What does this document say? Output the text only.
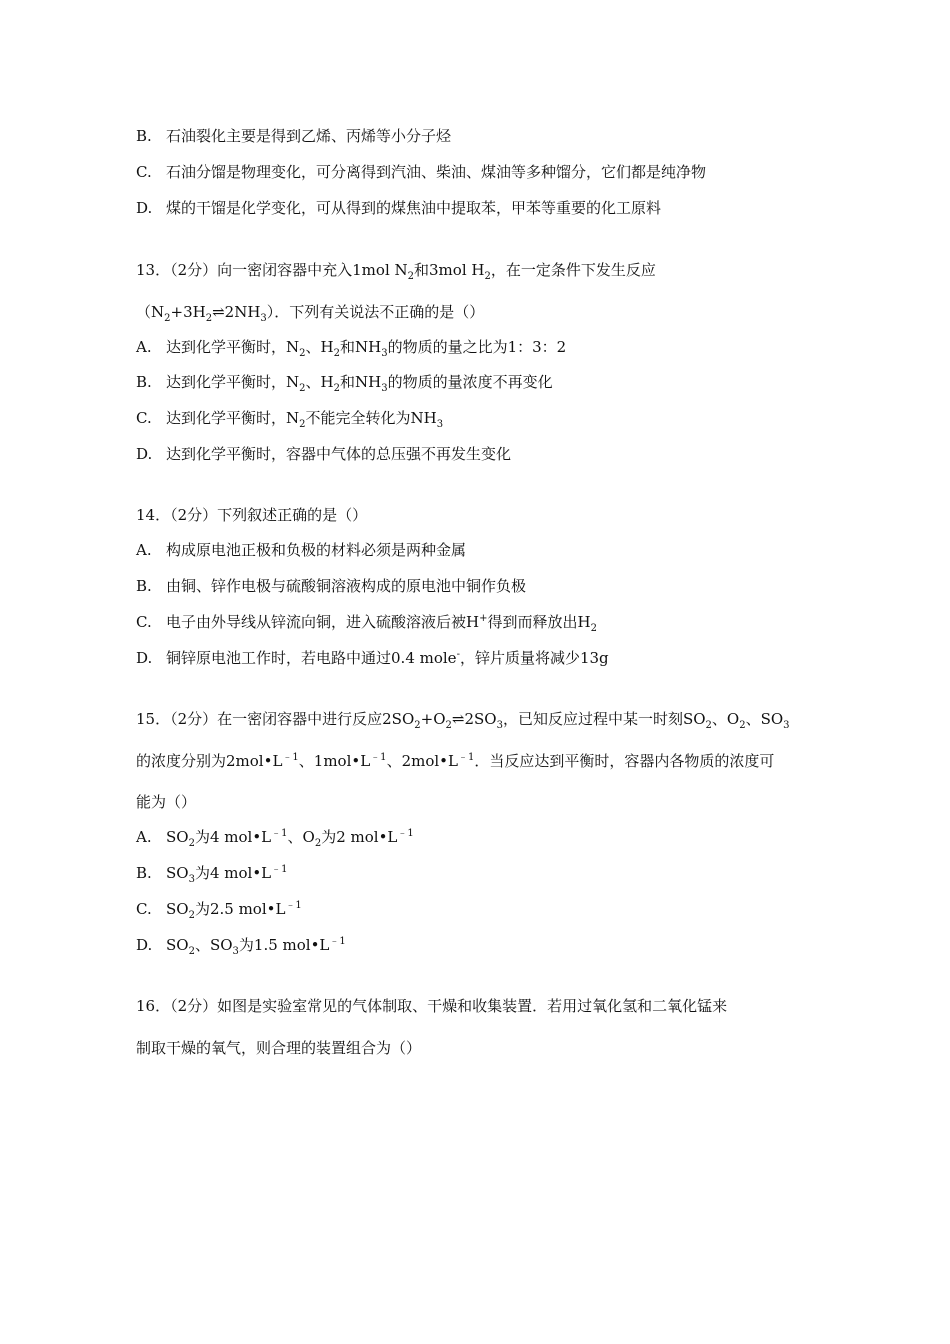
B. 石油裂化主要是得到乙烯、丙烯等小分子烃
C. 石油分馏是物理变化，可分离得到汽油、柴油、煤油等多种馏分，它们都是纯净物
D. 煤的干馏是化学变化，可从得到的煤焦油中提取苯，甲苯等重要的化工原料
13．（2分）向一密闭容器中充入1mol $N_2$和3mol $H_2$，在一定条件下发生反应
$(N_2+3H_2\rightleftharpoons 2NH_3)$．下列有关说法不正确的是（）
A. 达到化学平衡时，$N_2$、$H_2$和$NH_3$的物质的量之比为1：3：2
B. 达到化学平衡时，$N_2$、$H_2$和$NH_3$的物质的量浓度不再变化
C. 达到化学平衡时，$N_2$不能完全转化为$NH_3$
D. 达到化学平衡时，容器中气体的总压强不再发生变化
14．（2分）下列叙述正确的是（）
A. 构成原电池正极和负极的材料必须是两种金属
B. 由铜、锌作电极与硫酸铜溶液构成的原电池中铜作负极
C. 电子由外导线从锌流向铜，进入硫酸溶液后被H+得到而释放出$H_2$
D. 铜锌原电池工作时，若电路中通过0.4 mole-，锌片质量将减少13g
15．（2分）在一密闭容器中进行反应$2SO_2+O_2\rightleftharpoons 2SO_3$，已知反应过程中某一时刻$SO_2$、$O_2$、$SO_3$
的浓度分别为$2mol•L^{﹣1}$、$1mol•L^{﹣1}$、$2mol•L^{﹣1}$．当反应达到平衡时，容器内各物质的浓度可
能为（）
A. $SO_2$为4 $mol•L^{﹣1}$、$O_2$为2 $mol•L^{﹣1}$
B. $SO_3$为4 $mol•L^{﹣1}$
C. $SO_2$为2.5 $mol•L^{﹣1}$
D. $SO_2$、$SO_3$为1.5 $mol•L^{﹣1}$
16．（2分）如图是实验室常见的气体制取、干燥和收集装置．若用过氧化氢和二氧化锰来
制取干燥的氧气，则合理的装置组合为（）
